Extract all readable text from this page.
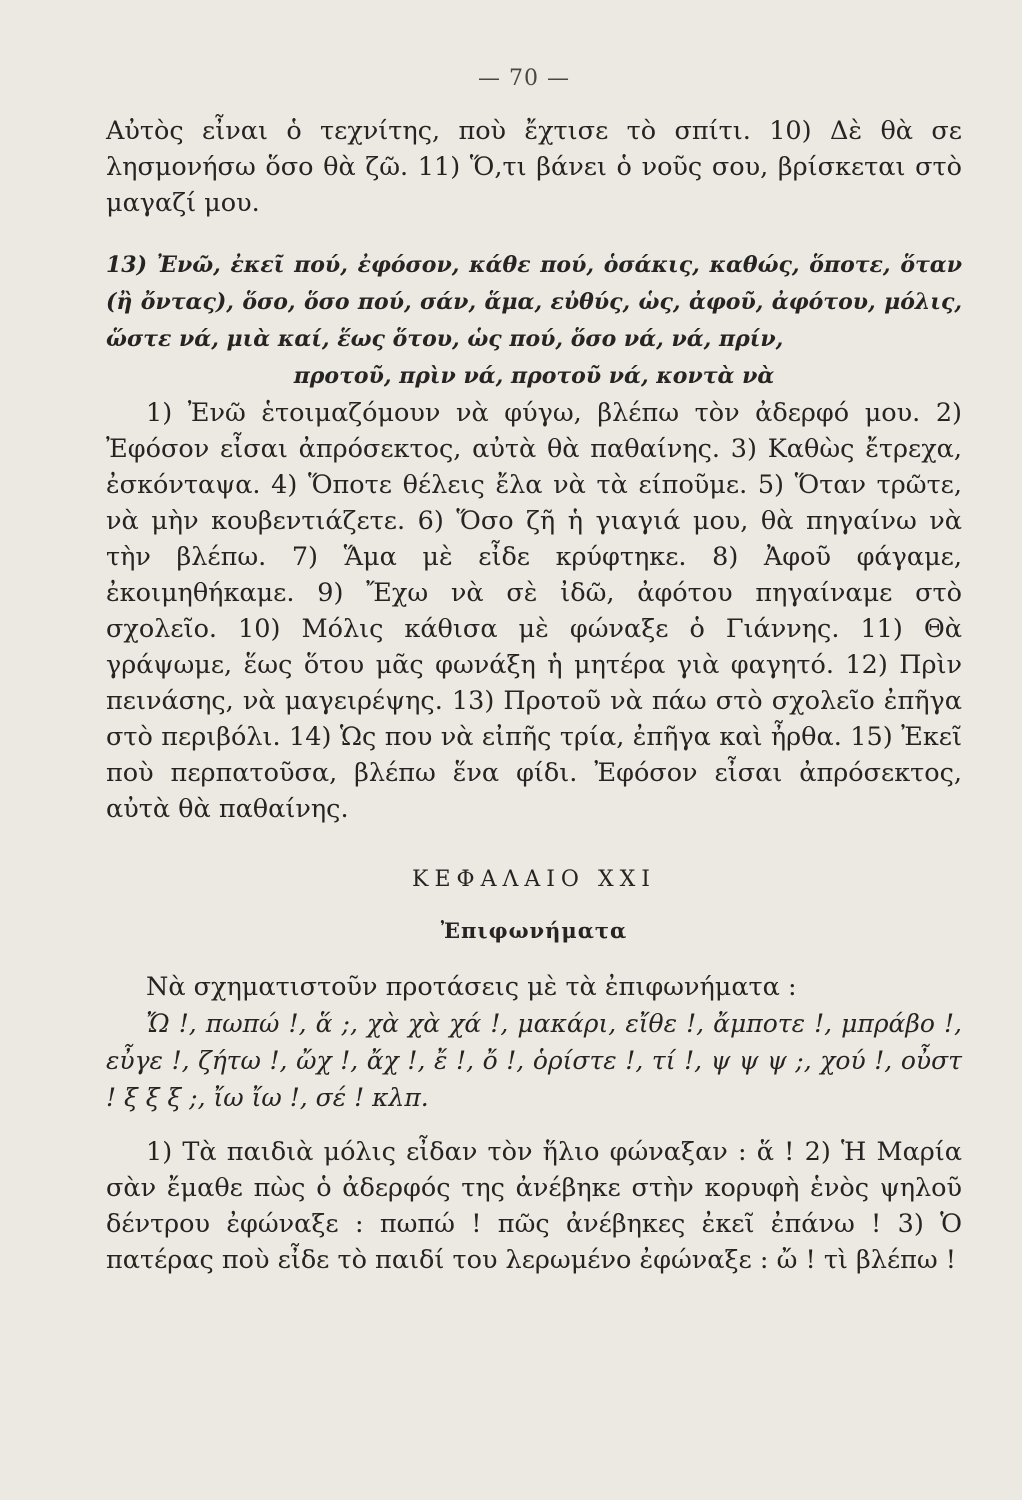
— 70 —

Αὐτὸς εἶναι ὁ τεχνίτης, ποὺ ἔχτισε τὸ σπίτι. 10) Δὲ θὰ σε λησμονήσω ὅσο θὰ ζῶ. 11) Ὅ,τι βάνει ὁ νοῦς σου, βρίσκεται στὸ μαγαζί μου.

13) Ἐνῶ, ἐκεῖ πού, ἐφόσον, κάθε πού, ὁσάκις, καθώς, ὅποτε, ὅταν (ἢ ὄντας), ὅσο, ὅσο πού, σάν, ἅμα, εὐθύς, ὡς, ἀφοῦ, ἀφότου, μόλις, ὥστε νά, μιὰ καί, ἕως ὅτου, ὡς πού, ὅσο νά, νά, πρίν,
προτοῦ, πρὶν νά, προτοῦ νά, κοντὰ νὰ

1) Ἐνῶ ἑτοιμαζόμουν νὰ φύγω, βλέπω τὸν ἀδερφό μου. 2) Ἐφόσον εἶσαι ἀπρόσεκτος, αὐτὰ θὰ παθαίνης. 3) Καθὼς ἔτρεχα, ἐσκόνταψα. 4) Ὅποτε θέλεις ἔλα νὰ τὰ είποῦμε. 5) Ὅταν τρῶτε, νὰ μὴν κουβεντιάζετε. 6) Ὅσο ζῆ ἡ γιαγιά μου, θὰ πηγαίνω νὰ τὴν βλέπω. 7) Ἅμα μὲ εἶδε κρύφτηκε. 8) Ἀφοῦ φάγαμε, ἐκοιμηθήκαμε. 9) Ἔχω νὰ σὲ ἰδῶ, ἀφότου πηγαίναμε στὸ σχολεῖο. 10) Μόλις κάθισα μὲ φώναξε ὁ Γιάννης. 11) Θὰ γράψωμε, ἕως ὅτου μᾶς φωνάξη ἡ μητέρα γιὰ φαγητό. 12) Πρὶν πεινάσης, νὰ μαγειρέψης. 13) Προτοῦ νὰ πάω στὸ σχολεῖο ἐπῆγα στὸ περιβόλι. 14) Ὡς που νὰ εἰπῆς τρία, ἐπῆγα καὶ ἦρθα. 15) Ἐκεῖ ποὺ περπατοῦσα, βλέπω ἕνα φίδι. Ἐφόσον εἶσαι ἀπρόσεκτος, αὐτὰ θὰ παθαίνης.

ΚΕΦΑΛΑΙΟ XXI

Ἐπιφωνήματα

Νὰ σχηματιστοῦν προτάσεις μὲ τὰ ἐπιφωνήματα :

Ὤ !, πωπώ !, ἅ ;, χὰ χὰ χά !, μακάρι, εἴθε !, ἄμποτε !, μπράβο !, εὖγε !, ζήτω !, ὤχ !, ἄχ !, ἔ !, ὄ !, ὁρίστε !, τί !, ψ ψ ψ ;, χού !, οὖστ ! ξ ξ ξ ;, ἴω ἴω !, σέ ! κλπ.

1) Τὰ παιδιὰ μόλις εἶδαν τὸν ἥλιο φώναξαν : ἅ ! 2) Ἡ Μαρία σὰν ἔμαθε πὼς ὁ ἀδερφός της ἀνέβηκε στὴν κορυφὴ ἑνὸς ψηλοῦ δέντρου ἐφώναξε : πωπώ ! πῶς ἀνέβηκες ἐκεῖ ἐπάνω ! 3) Ὁ πατέρας ποὺ εἶδε τὸ παιδί του λερωμένο ἐφώναξε : ὤ ! τὶ βλέπω !
